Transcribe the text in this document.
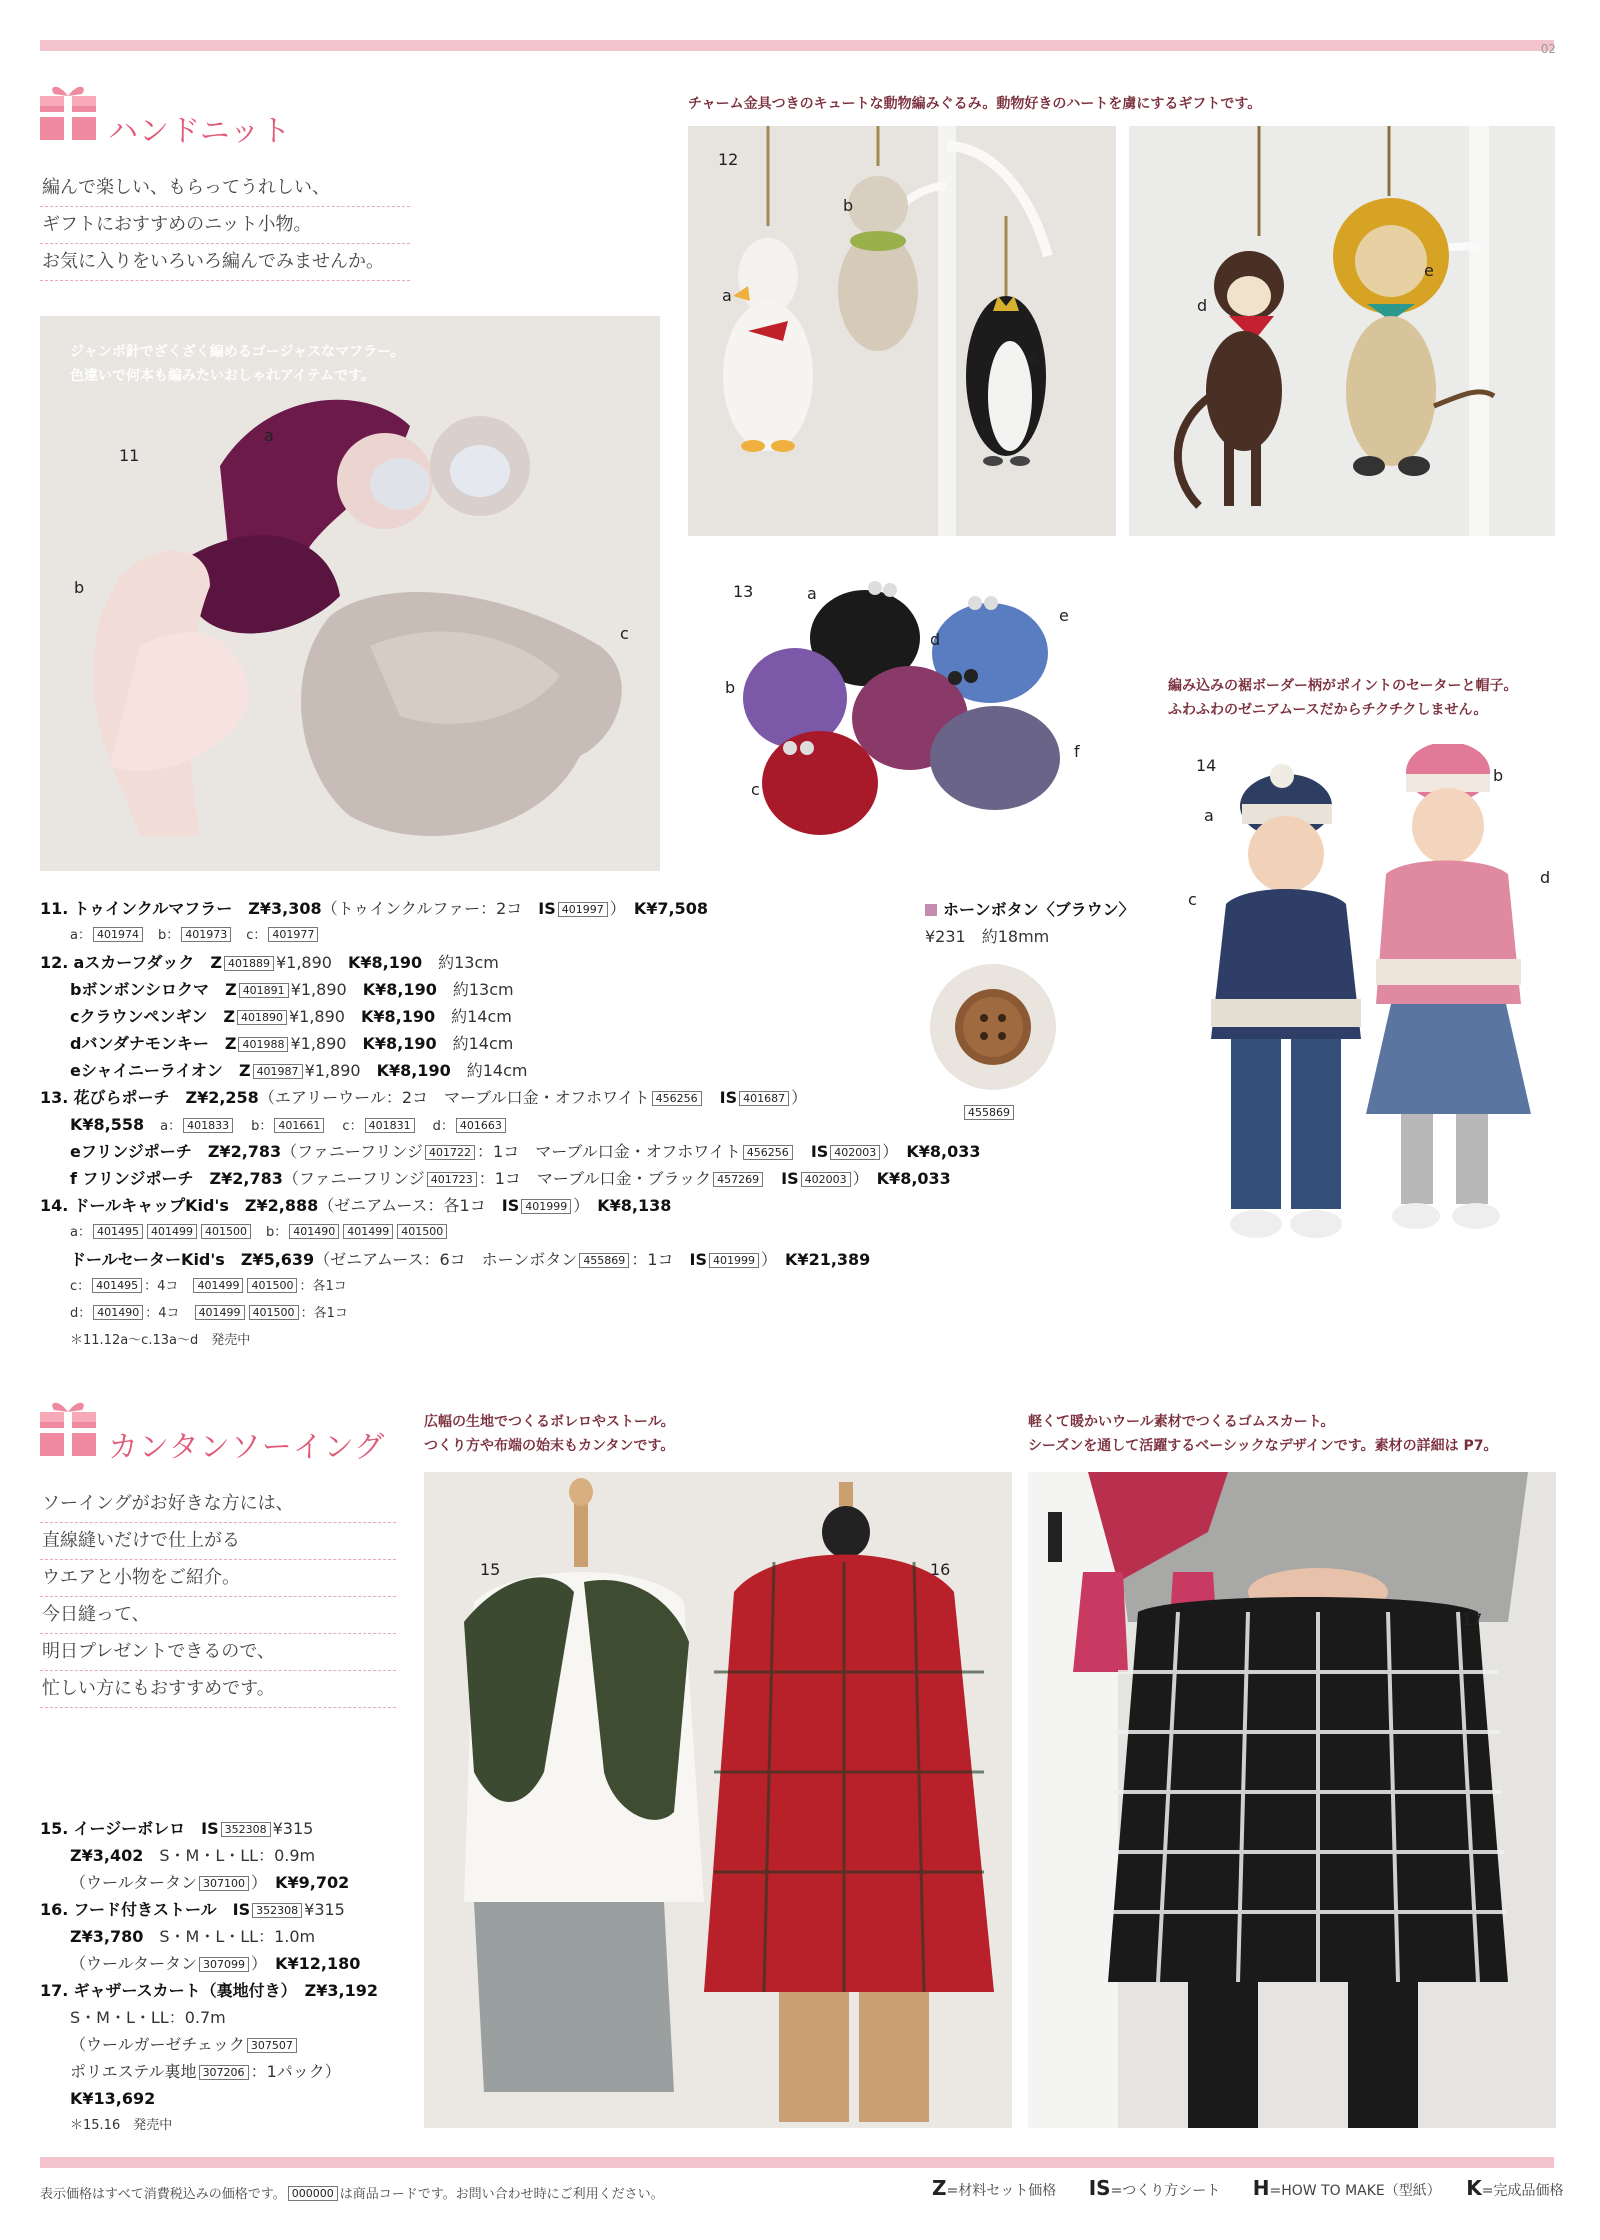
02
ハンドニット
編んで楽しい、もらってうれしい、
ギフトにおすすめのニット小物。
お気に入りをいろいろ編んでみませんか。
ジャンボ針でざくざく編めるゴージャスなマフラー。
色違いで何本も編みたいおしゃれアイテムです。
11
a
b
c
チャーム金具つきのキュートな動物編みぐるみ。動物好きのハートを虜にするギフトです。
12
a
b
c
d
e
13	a
b
c
d
e
f
編み込みの裾ボーダー柄がポイントのセーターと帽子。
ふわふわのゼニアムースだからチクチクしません。
14
a
b
c
d
ホーンボタン〈ブラウン〉
¥231　 約18mm
455869
11. トゥインクルマフラー　 Z¥3,308（トゥインクルファー：2コ　 IS 401997 ）　 K¥7,508
a： 401974　 b： 401973　 c： 401977
12. aスカーフダック　 Z 401889 ¥1,890　 K¥8,190　 約13cm
bボンボンシロクマ　 Z 401891 ¥1,890　 K¥8,190　 約13cm
cクラウンペンギン　 Z 401890 ¥1,890　 K¥8,190　 約14cm
dバンダナモンキー　 Z 401988 ¥1,890　 K¥8,190　 約14cm
eシャイニーライオン　 Z 401987 ¥1,890　 K¥8,190　 約14cm
13. 花びらポーチ　 Z¥2,258（エアリーウール：2コ　マーブル口金・オフホワイト 456256　 IS 401687 ）
K¥8,558　 a： 401833　 b： 401661　 c： 401831　 d： 401663
eフリンジポーチ　 Z¥2,783（ファニーフリンジ 401722 ：1コ　マーブル口金・オフホワイト 456256　 IS 402003 ）　 K¥8,033
f フリンジポーチ　 Z¥2,783（ファニーフリンジ 401723 ：1コ　マーブル口金・ブラック 457269　 IS 402003 ）　 K¥8,033
14. ドールキャップKid's　 Z¥2,888（ゼニアムース：各1コ　 IS 401999 ）　 K¥8,138
a： 401495 401499 401500　 b： 401490 401499 401500
ドールセーターKid's　 Z¥5,639（ゼニアムース：6コ　ホーンボタン 455869 ：1コ　 IS 401999 ）　 K¥21,389
c： 401495 ：4コ　 401499 401500 ：各1コ
d： 401490 ：4コ　 401499 401500 ：各1コ
＊11.12a～c.13a～d　発売中
カンタンソーイング
ソーイングがお好きな方には、
直線縫いだけで仕上がる
ウエアと小物をご紹介。
今日縫って、
明日プレゼントできるので、
忙しい方にもおすすめです。
広幅の生地でつくるボレロやストール。
つくり方や布端の始末もカンタンです。
軽くて暖かいウール素材でつくるゴムスカート。
シーズンを通して活躍するベーシックなデザインです。素材の詳細は P7。
15	16
17
15. イージーボレロ　 IS 352308 ¥315
Z¥3,402　 S・M・L・LL：0.9m
（ウールタータン 307100 ）　 K¥9,702
16. フード付きストール　 IS 352308 ¥315
Z¥3,780　 S・M・L・LL：1.0m
（ウールタータン 307099 ）　 K¥12,180
17. ギャザースカート（裏地付き）　 Z¥3,192
S・M・L・LL：0.7m
（ウールガーゼチェック 307507
ポリエステル裏地 307206 ：1パック）
K¥13,692
＊15.16　発売中
表示価格はすべて消費税込みの価格です。 000000 は商品コードです。お問い合わせ時にご利用ください。	Z=材料セット価格　　 IS=つくり方シート　　 H=HOW TO MAKE（型紙）　　 K=完成品価格
